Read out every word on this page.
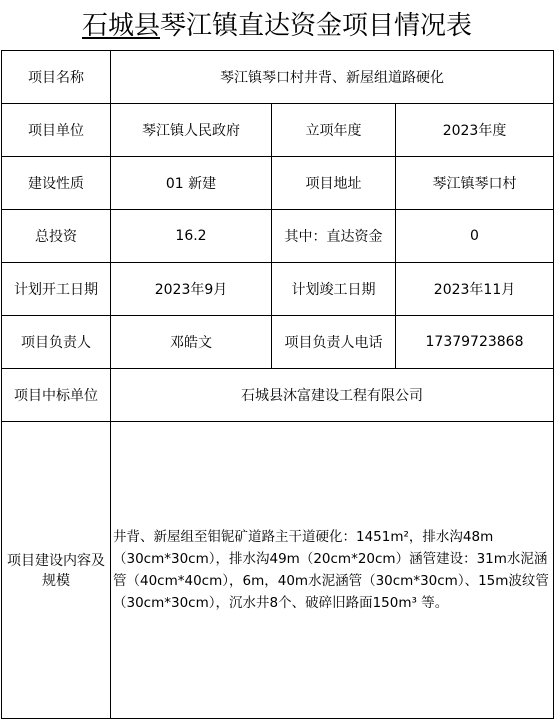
石城县琴江镇直达资金项目情况表
项目名称	琴江镇琴口村井背、新屋组道路硬化		
项目单位	琴江镇人民政府	立项年度	2023年度
建设性质	01 新建	项目地址	琴江镇琴口村
总投资	16.2	其中：直达资金	0
计划开工日期	2023年9月	计划竣工日期	2023年11月
项目负责人	邓皓文	项目负责人电话	17379723868
项目中标单位	石城县沐富建设工程有限公司		
项目建设内容及规模	井背、新屋组至钼铌矿道路主干道硬化：1451m²，排水沟48m（30cm*30cm），排水沟49m（20cm*20cm）涵管建设：31m水泥涵管（40cm*40cm），6m，40m水泥涵管（30cm*30cm）、15m波纹管（30cm*30cm），沉水井8个、破碎旧路面150m³ 等。		
